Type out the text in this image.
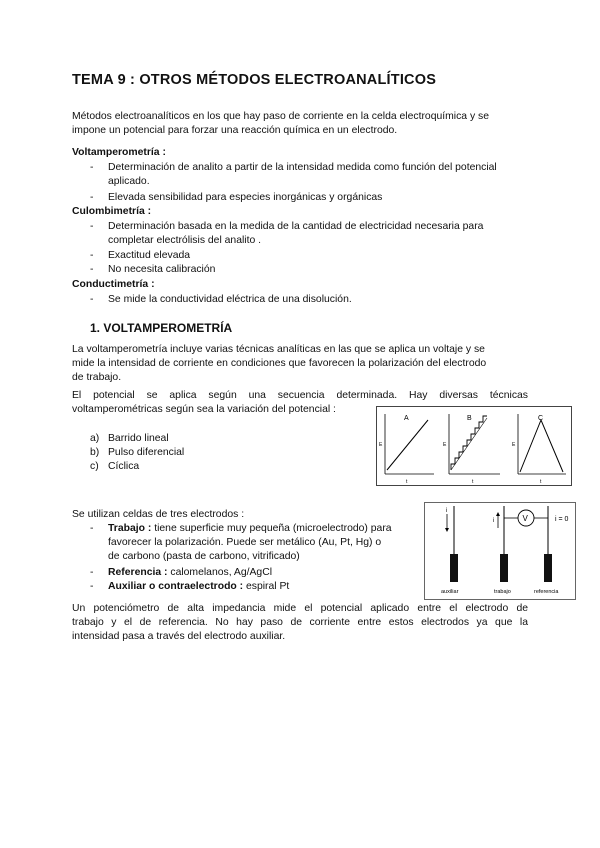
TEMA 9 : OTROS MÉTODOS ELECTROANALÍTICOS
Métodos electroanalíticos en los que hay paso de corriente en la celda electroquímica y se
impone un potencial para forzar una reacción química en un electrodo.
Voltamperometría :
- Determinación de analito a partir de la intensidad medida como función del potencial
aplicado.
- Elevada sensibilidad para especies inorgánicas y orgánicas
Culombimetría :
- Determinación basada en la medida de la cantidad de electricidad necesaria para
completar electrólisis del analito .
- Exactitud elevada
- No necesita calibración
Conductimetría :
- Se mide la conductividad eléctrica de una disolución.
1. VOLTAMPEROMETRÍA
La voltamperometría incluye varias técnicas analíticas en las que se aplica un voltaje y se
mide la intensidad de corriente en condiciones que favorecen la polarización del electrodo
de trabajo.
El potencial se aplica según una secuencia determinada. Hay diversas técnicas
voltamperométricas según sea la variación del potencial :
a) Barrido lineal
b) Pulso diferencial
c) Cíclica
A
E
t
B
E
t
C
E
t
Se utilizan celdas de tres electrodos :
- Trabajo : tiene superficie muy pequeña (microelectrodo) para
favorecer la polarización. Puede ser metálico (Au, Pt, Hg) o
de carbono (pasta de carbono, vitrificado)
- Referencia : calomelanos, Ag/AgCl
- Auxiliar o contraelectrodo : espiral Pt
i
i	V	i = 0
auxiliar	trabajo	referencia
Un potenciómetro de alta impedancia mide el potencial aplicado entre el electrodo de
trabajo y el de referencia. No hay paso de corriente entre estos electrodos ya que la
intensidad pasa a través del electrodo auxiliar.
